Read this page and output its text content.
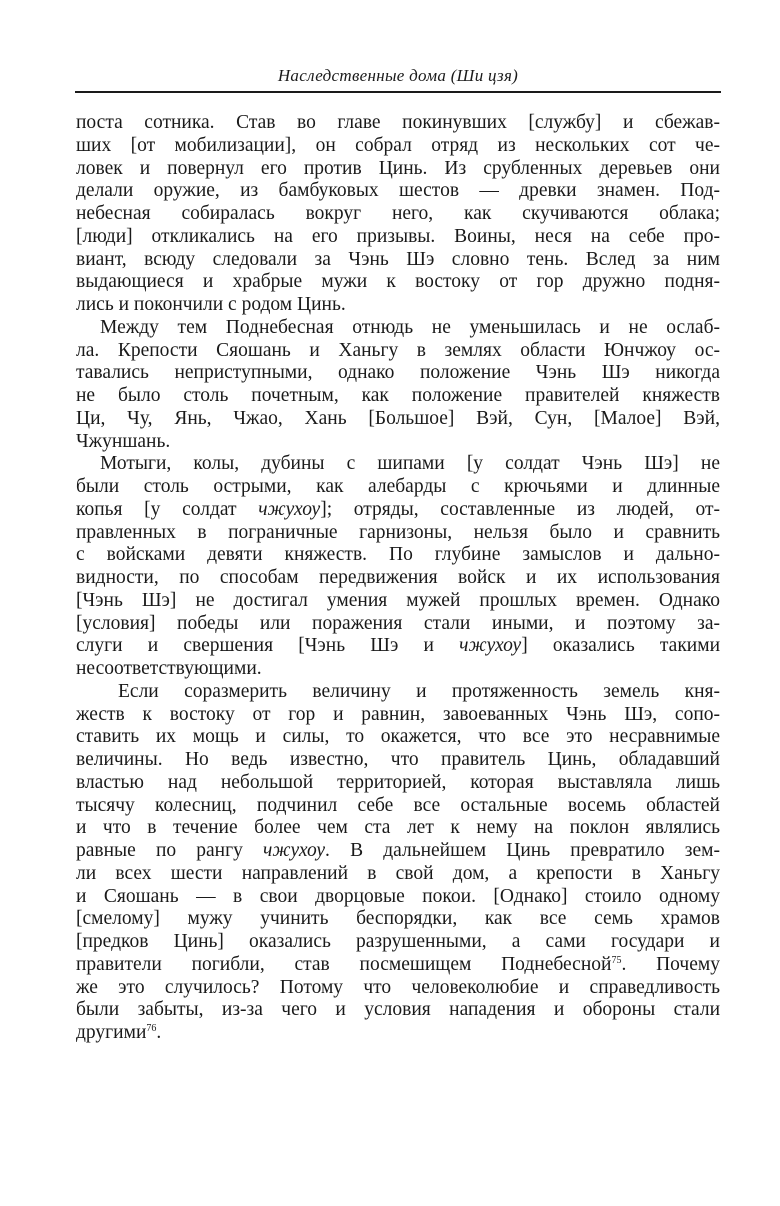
Наследственные дома (Ши цзя)
поста сотника. Став во главе покинувших [службу] и сбежав-
ших [от мобилизации], он собрал отряд из нескольких сот че-
ловек и повернул его против Цинь. Из срубленных деревьев они
делали оружие, из бамбуковых шестов — древки знамен. Под-
небесная собиралась вокруг него, как скучиваются облака;
[люди] откликались на его призывы. Воины, неся на себе про-
виант, всюду следовали за Чэнь Шэ словно тень. Вслед за ним
выдающиеся и храбрые мужи к востоку от гор дружно подня-
лись и покончили с родом Цинь.
Между тем Поднебесная отнюдь не уменьшилась и не ослаб-
ла. Крепости Сяошань и Ханьгу в землях области Юнчжоу ос-
тавались неприступными, однако положение Чэнь Шэ никогда
не было столь почетным, как положение правителей княжеств
Ци, Чу, Янь, Чжао, Хань [Большое] Вэй, Сун, [Малое] Вэй,
Чжуншань.
Мотыги, колы, дубины с шипами [у солдат Чэнь Шэ] не
были столь острыми, как алебарды с крючьями и длинные
копья [у солдат чжухоу]; отряды, составленные из людей, от-
правленных в пограничные гарнизоны, нельзя было и сравнить
с войсками девяти княжеств. По глубине замыслов и дально-
видности, по способам передвижения войск и их использования
[Чэнь Шэ] не достигал умения мужей прошлых времен. Однако
[условия] победы или поражения стали иными, и поэтому за-
слуги и свершения [Чэнь Шэ и чжухоу] оказались такими
несоответствующими.
Если соразмерить величину и протяженность земель кня-
жеств к востоку от гор и равнин, завоеванных Чэнь Шэ, сопо-
ставить их мощь и силы, то окажется, что все это несравнимые
величины. Но ведь известно, что правитель Цинь, обладавший
властью над небольшой территорией, которая выставляла лишь
тысячу колесниц, подчинил себе все остальные восемь областей
и что в течение более чем ста лет к нему на поклон являлись
равные по рангу чжухоу. В дальнейшем Цинь превратило зем-
ли всех шести направлений в свой дом, а крепости в Ханьгу
и Сяошань — в свои дворцовые покои. [Однако] стоило одному
[смелому] мужу учинить беспорядки, как все семь храмов
[предков Цинь] оказались разрушенными, а сами государи и
правители погибли, став посмешищем Поднебесной$^{75}$. Почему
же это случилось? Потому что человеколюбие и справедливость
были забыты, из-за чего и условия нападения и обороны стали
другими$^{76}$.
